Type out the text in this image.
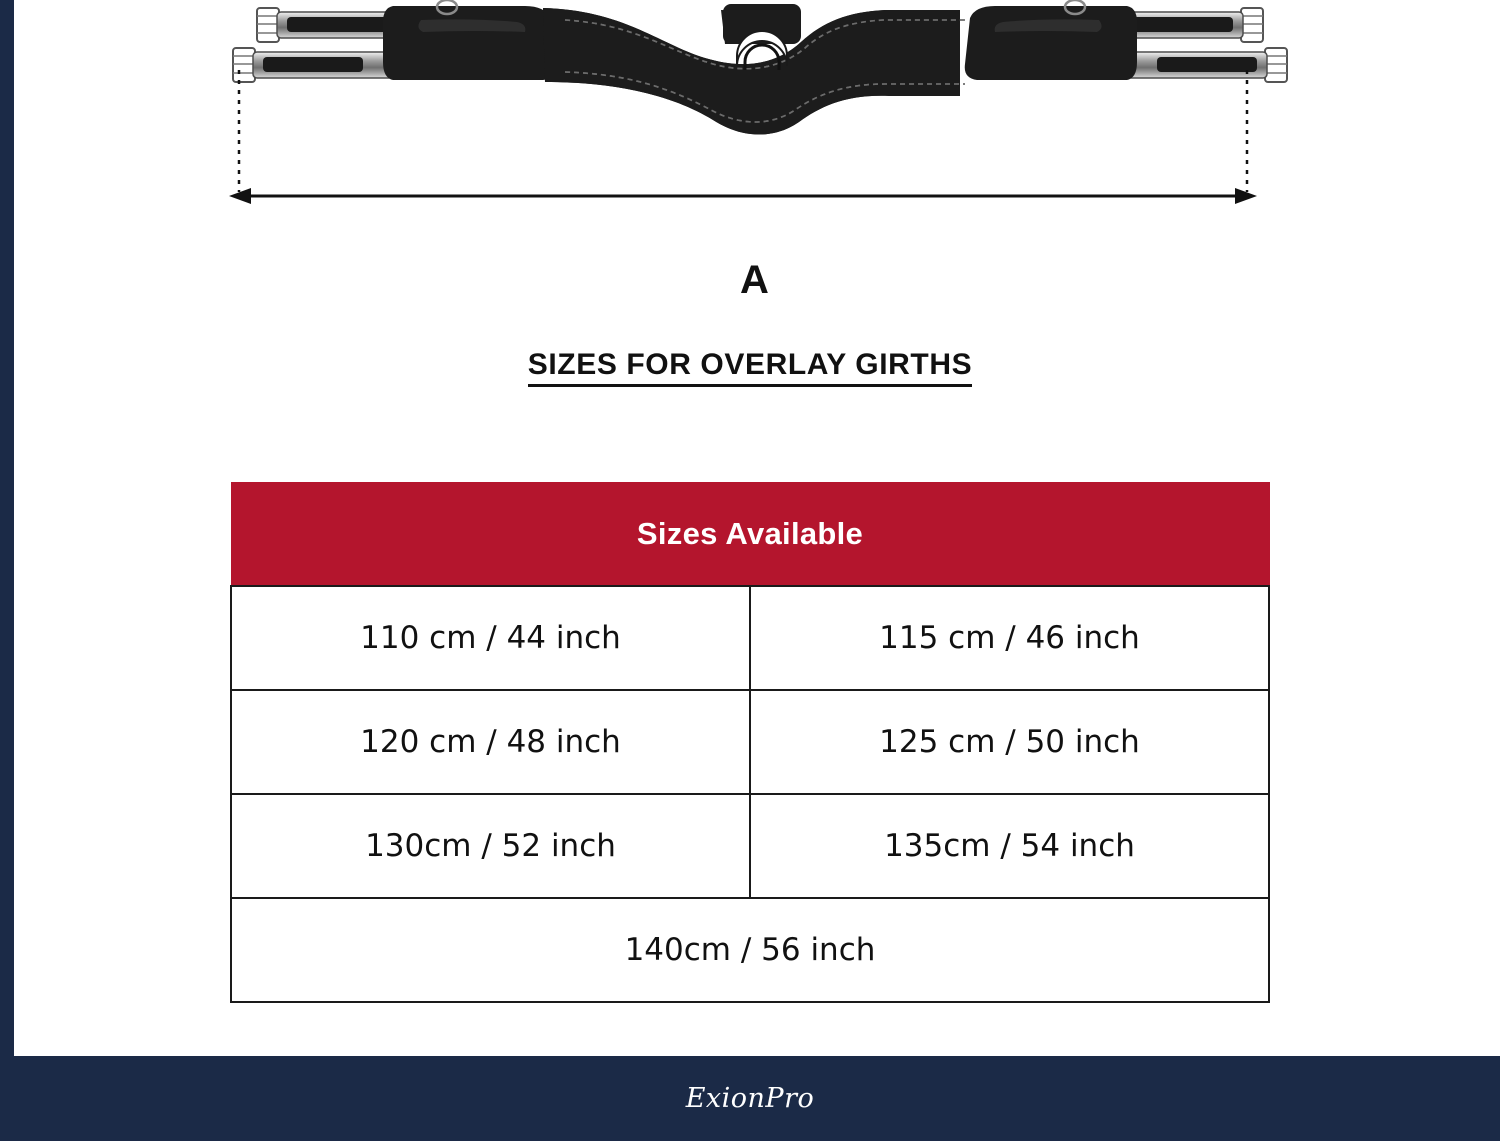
A
SIZES FOR OVERLAY GIRTHS
Sizes Available	
110 cm / 44 inch	115 cm / 46 inch
120 cm / 48 inch	125 cm / 50 inch
130cm / 52 inch	135cm / 54 inch
140cm / 56 inch	
ExionPro
